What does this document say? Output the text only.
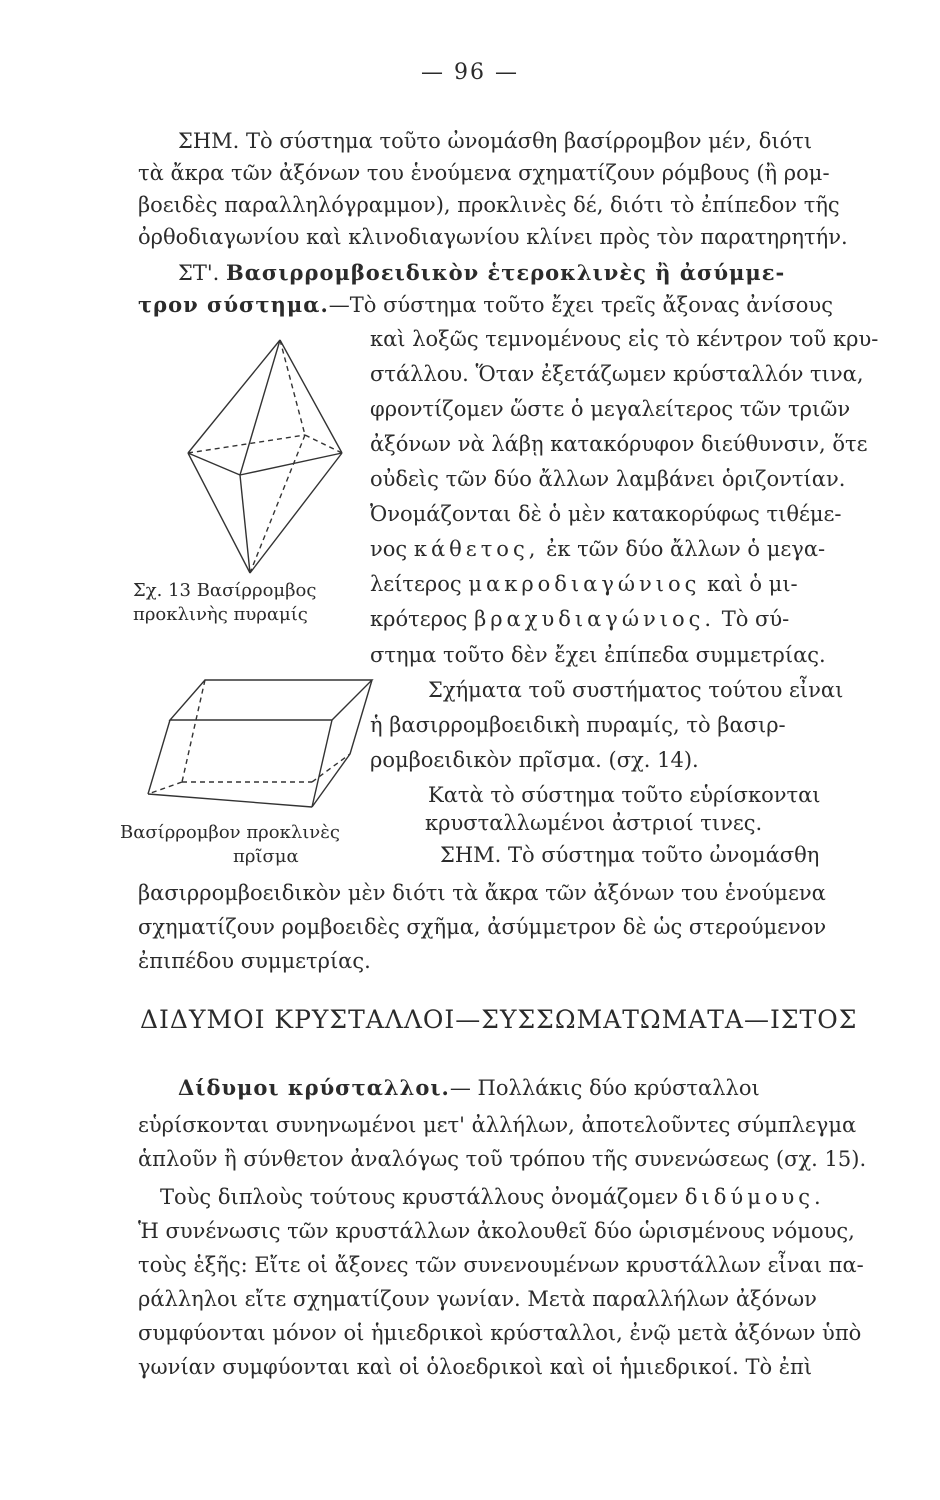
— 96 —
ΣΗΜ. Τὸ σύστημα τοῦτο ὠνομάσθη βασίρρομβον μέν, διότι
τὰ ἄκρα τῶν ἀξόνων του ἑνούμενα σχηματίζουν ρόμβους (ἢ ρομ-
βοειδὲς παραλληλόγραμμον), προκλινὲς δέ, διότι τὸ ἐπίπεδον τῆς
ὀρθοδιαγωνίου καὶ κλινοδιαγωνίου κλίνει πρὸς τὸν παρατηρητήν.
ΣΤ'. Βασιρρομβοειδικὸν ἑτεροκλινὲς ἢ ἀσύμμε-
τρον σύστημα.—Τὸ σύστημα τοῦτο ἔχει τρεῖς ἄξονας ἀνίσους
καὶ λοξῶς τεμνομένους εἰς τὸ κέντρον τοῦ κρυ-
στάλλου. Ὅταν ἐξετάζωμεν κρύσταλλόν τινα,
φροντίζομεν ὥστε ὁ μεγαλείτερος τῶν τριῶν
ἀξόνων νὰ λάβῃ κατακόρυφον διεύθυνσιν, ὅτε
οὐδεὶς τῶν δύο ἄλλων λαμβάνει ὁριζοντίαν.
Ὀνομάζονται δὲ ὁ μὲν κατακορύφως τιθέμε-
νος κάθετος, ἐκ τῶν δύο ἄλλων ὁ μεγα-
λείτερος μακροδιαγώνιος καὶ ὁ μι-
κρότερος βραχυδιαγώνιος. Τὸ σύ-
στημα τοῦτο δὲν ἔχει ἐπίπεδα συμμετρίας.
Σχήματα τοῦ συστήματος τούτου εἶναι
ἡ βασιρρομβοειδικὴ πυραμίς, τὸ βασιρ-
ρομβοειδικὸν πρῖσμα. (σχ. 14).
Κατὰ τὸ σύστημα τοῦτο εὑρίσκονται
κρυσταλλωμένοι ἀστριοί τινες.
Σχ. 13 Βασίρρομβος
προκλινὴς πυραμίς
Βασίρρομβον προκλινὲς
πρῖσμα	ΣΗΜ. Τὸ σύστημα τοῦτο ὠνομάσθη
βασιρρομβοειδικὸν μὲν διότι τὰ ἄκρα τῶν ἀξόνων του ἑνούμενα
σχηματίζουν ρομβοειδὲς σχῆμα, ἀσύμμετρον δὲ ὡς στερούμενον
ἐπιπέδου συμμετρίας.
ΔΙΔΥΜΟΙ ΚΡΥΣΤΑΛΛΟΙ—ΣΥΣΣΩΜΑΤΩΜΑΤΑ—ΙΣΤΟΣ
Δίδυμοι κρύσταλλοι.— Πολλάκις δύο κρύσταλλοι
εὑρίσκονται συνηνωμένοι μετ' ἀλλήλων, ἀποτελοῦντες σύμπλεγμα
ἁπλοῦν ἢ σύνθετον ἀναλόγως τοῦ τρόπου τῆς συνενώσεως (σχ. 15).
Τοὺς διπλοὺς τούτους κρυστάλλους ὀνομάζομεν διδύμους.
Ἡ συνένωσις τῶν κρυστάλλων ἀκολουθεῖ δύο ὡρισμένους νόμους,
τοὺς ἑξῆς: Εἴτε οἱ ἄξονες τῶν συνενουμένων κρυστάλλων εἶναι πα-
ράλληλοι εἴτε σχηματίζουν γωνίαν. Μετὰ παραλλήλων ἀξόνων
συμφύονται μόνον οἱ ἡμιεδρικοὶ κρύσταλλοι, ἐνῷ μετὰ ἀξόνων ὑπὸ
γωνίαν συμφύονται καὶ οἱ ὁλοεδρικοὶ καὶ οἱ ἡμιεδρικοί. Τὸ ἐπὶ
